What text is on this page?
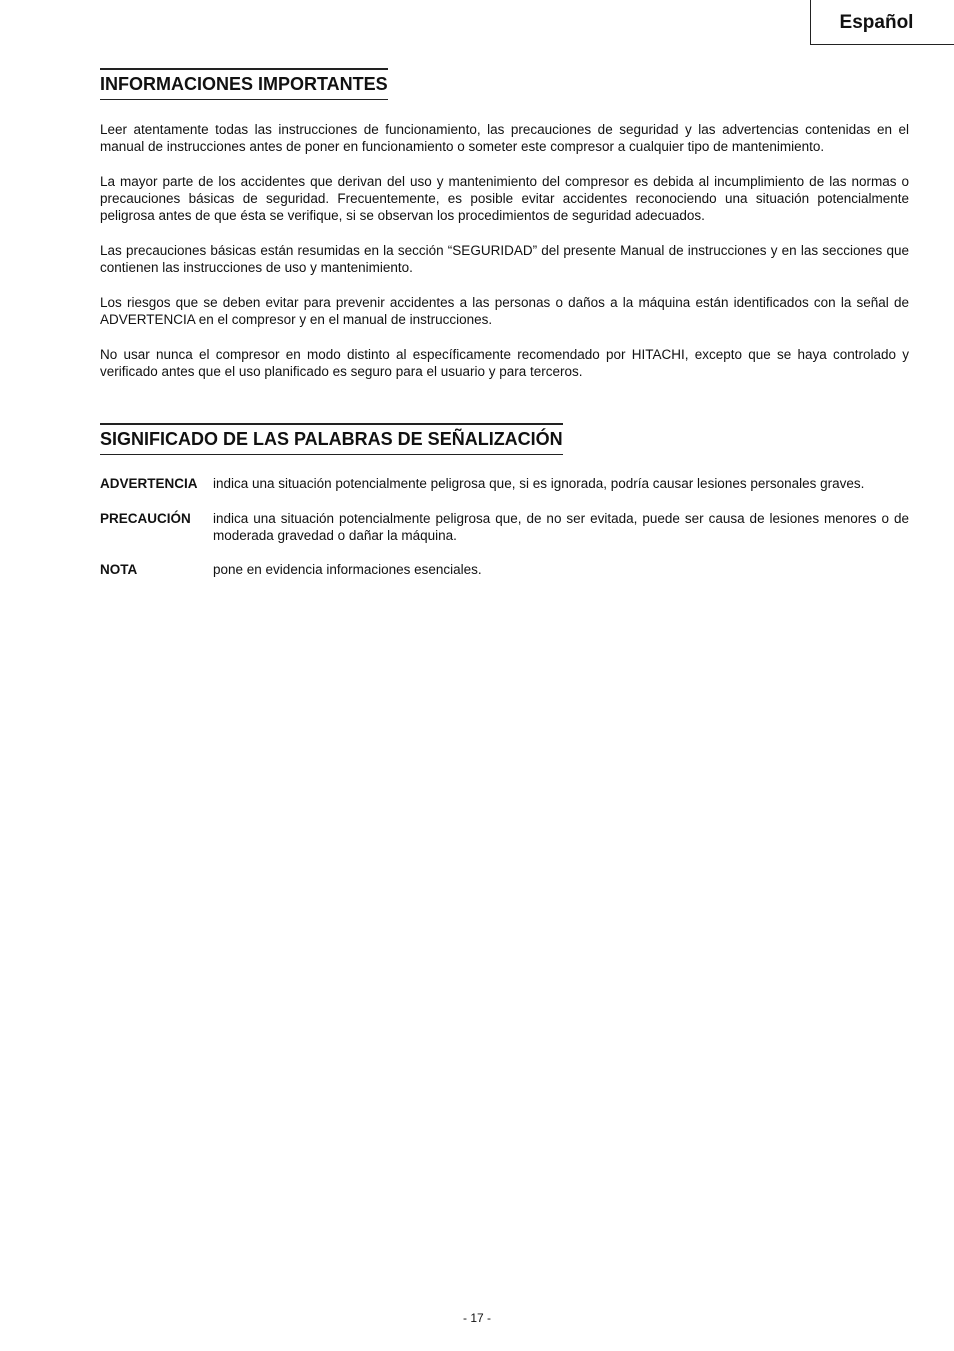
Español
INFORMACIONES IMPORTANTES

Leer atentamente todas las instrucciones de funcionamiento, las precauciones de seguridad y las advertencias contenidas en el manual de instrucciones antes de poner en funcionamiento o someter este compresor a cualquier tipo de mantenimiento.

La mayor parte de los accidentes que derivan del uso y mantenimiento del compresor es debida al incumplimiento de las normas o precauciones básicas de seguridad. Frecuentemente, es posible evitar accidentes reconociendo una situación potencialmente peligrosa antes de que ésta se verifique, si se observan los procedimientos de seguridad adecuados.

Las precauciones básicas están resumidas en la sección “SEGURIDAD” del presente Manual de instrucciones y en las secciones que contienen las instrucciones de uso y mantenimiento.

Los riesgos que se deben evitar para prevenir accidentes a las personas o daños a la máquina están identificados con la señal de ADVERTENCIA en el compresor y en el manual de instrucciones.

No usar nunca el compresor en modo distinto al específicamente recomendado por HITACHI, excepto que se haya controlado y verificado antes que el uso planificado es seguro para el usuario y para terceros.

SIGNIFICADO DE LAS PALABRAS DE SEÑALIZACIÓN
ADVERTENCIA indica una situación potencialmente peligrosa que, si es ignorada, podría causar lesiones personales graves.
PRECAUCIÓN indica una situación potencialmente peligrosa que, de no ser evitada, puede ser causa de lesiones menores o de moderada gravedad o dañar la máquina.
NOTA	pone en evidencia informaciones esenciales.
- 17 -
